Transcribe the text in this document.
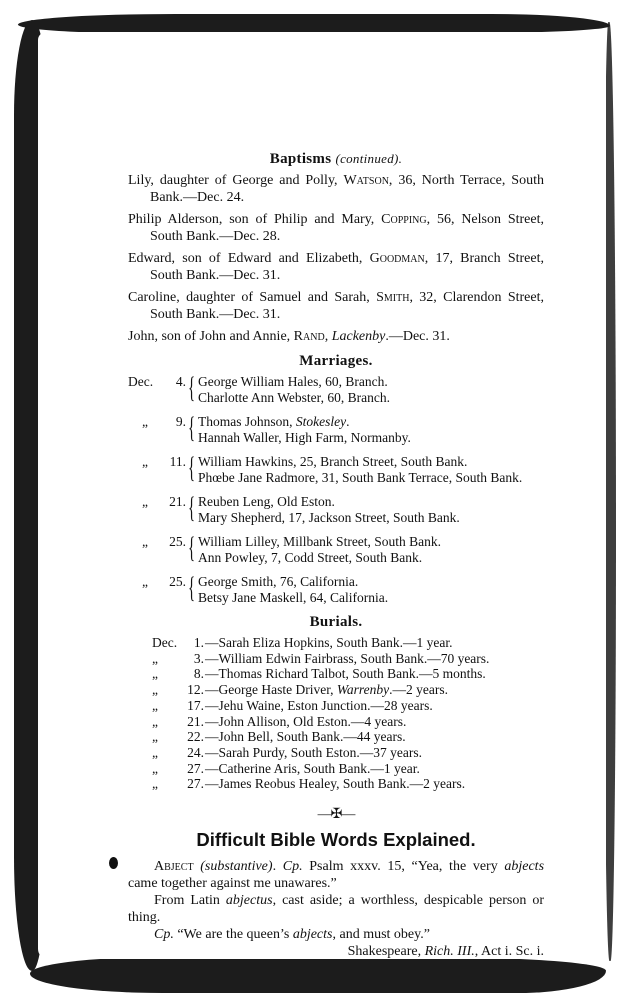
Baptisms (continued).
Lily, daughter of George and Polly, Watson, 36, North Terrace, South Bank.—Dec. 24.
Philip Alderson, son of Philip and Mary, Copping, 56, Nelson Street, South Bank.—Dec. 28.
Edward, son of Edward and Elizabeth, Goodman, 17, Branch Street, South Bank.—Dec. 31.
Caroline, daughter of Samuel and Sarah, Smith, 32, Clarendon Street, South Bank.—Dec. 31.
John, son of John and Annie, Rand, Lackenby.—Dec. 31.
Marriages.
Dec.	4. { George William Hales, 60, Branch.
Charlotte Ann Webster, 60, Branch.
„	9. { Thomas Johnson, Stokesley.
Hannah Waller, High Farm, Normanby.
„	11. { William Hawkins, 25, Branch Street, South Bank.
Phœbe Jane Radmore, 31, South Bank Terrace, South Bank.
„	21. { Reuben Leng, Old Eston.
Mary Shepherd, 17, Jackson Street, South Bank.
„	25. { William Lilley, Millbank Street, South Bank.
Ann Powley, 7, Codd Street, South Bank.
„	25. { George Smith, 76, California.
Betsy Jane Maskell, 64, California.
Burials.
Dec.	1. —Sarah Eliza Hopkins, South Bank.—1 year.
„	3. —William Edwin Fairbrass, South Bank.—70 years.
„	8. —Thomas Richard Talbot, South Bank.—5 months.
„	12. —George Haste Driver, Warrenby.—2 years.
„	17. —Jehu Waine, Eston Junction.—28 years.
„	21. —John Allison, Old Eston.—4 years.
„	22. —John Bell, South Bank.—44 years.
„	24. —Sarah Purdy, South Eston.—37 years.
„	27. —Catherine Aris, South Bank.—1 year.
„	27. —James Reobus Healey, South Bank.—2 years.
—✠—
Difficult Bible Words Explained.

Abject (substantive). Cp. Psalm xxxv. 15, “Yea, the very abjects came together against me unawares.”

From Latin abjectus, cast aside; a worthless, despicable person or thing.

Cp. “We are the queen’s abjects, and must obey.”

Shakespeare, Rich. III., Act i. Sc. i.
